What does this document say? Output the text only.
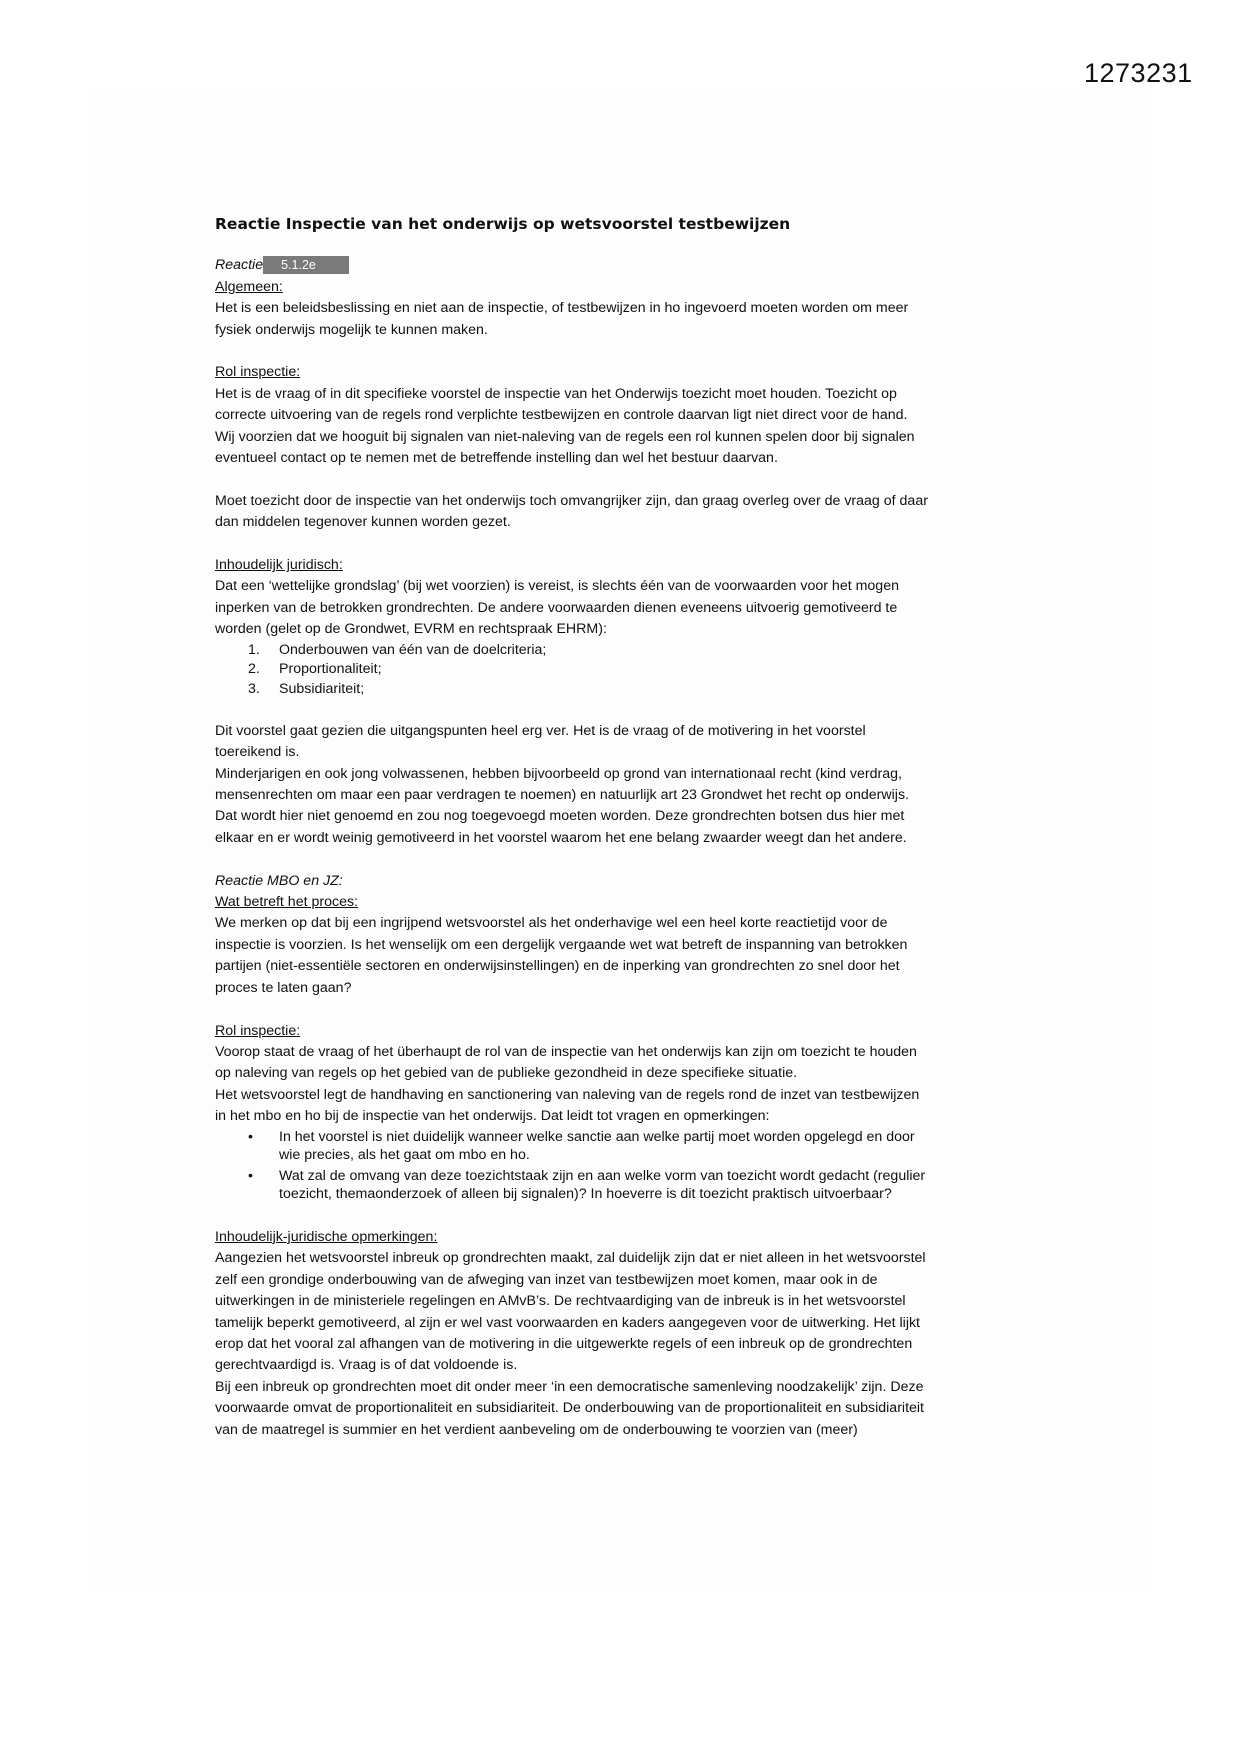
1273231
Reactie Inspectie van het onderwijs op wetsvoorstel testbewijzen
Reactie 5.1.2e
Algemeen:
Het is een beleidsbeslissing en niet aan de inspectie, of testbewijzen in ho ingevoerd moeten worden om meer
fysiek onderwijs mogelijk te kunnen maken.
Rol inspectie:
Het is de vraag of in dit specifieke voorstel de inspectie van het Onderwijs toezicht moet houden. Toezicht op
correcte uitvoering van de regels rond verplichte testbewijzen en controle daarvan ligt niet direct voor de hand.
Wij voorzien dat we hooguit bij signalen van niet-naleving van de regels een rol kunnen spelen door bij signalen
eventueel contact op te nemen met de betreffende instelling dan wel het bestuur daarvan.
Moet toezicht door de inspectie van het onderwijs toch omvangrijker zijn, dan graag overleg over de vraag of daar
dan middelen tegenover kunnen worden gezet.
Inhoudelijk juridisch:
Dat een ‘wettelijke grondslag’ (bij wet voorzien) is vereist, is slechts één van de voorwaarden voor het mogen
inperken van de betrokken grondrechten. De andere voorwaarden dienen eveneens uitvoerig gemotiveerd te
worden (gelet op de Grondwet, EVRM en rechtspraak EHRM):
1. Onderbouwen van één van de doelcriteria;
2. Proportionaliteit;
3. Subsidiariteit;
Dit voorstel gaat gezien die uitgangspunten heel erg ver. Het is de vraag of de motivering in het voorstel
toereikend is.
Minderjarigen en ook jong volwassenen, hebben bijvoorbeeld op grond van internationaal recht (kind verdrag,
mensenrechten om maar een paar verdragen te noemen) en natuurlijk art 23 Grondwet het recht op onderwijs.
Dat wordt hier niet genoemd en zou nog toegevoegd moeten worden. Deze grondrechten botsen dus hier met
elkaar en er wordt weinig gemotiveerd in het voorstel waarom het ene belang zwaarder weegt dan het andere.
Reactie MBO en JZ:
Wat betreft het proces:
We merken op dat bij een ingrijpend wetsvoorstel als het onderhavige wel een heel korte reactietijd voor de
inspectie is voorzien. Is het wenselijk om een dergelijk vergaande wet wat betreft de inspanning van betrokken
partijen (niet-essentiële sectoren en onderwijsinstellingen) en de inperking van grondrechten zo snel door het
proces te laten gaan?
Rol inspectie:
Voorop staat de vraag of het überhaupt de rol van de inspectie van het onderwijs kan zijn om toezicht te houden
op naleving van regels op het gebied van de publieke gezondheid in deze specifieke situatie.
Het wetsvoorstel legt de handhaving en sanctionering van naleving van de regels rond de inzet van testbewijzen
in het mbo en ho bij de inspectie van het onderwijs. Dat leidt tot vragen en opmerkingen:
• In het voorstel is niet duidelijk wanneer welke sanctie aan welke partij moet worden opgelegd en door
wie precies, als het gaat om mbo en ho.
• Wat zal de omvang van deze toezichtstaak zijn en aan welke vorm van toezicht wordt gedacht (regulier
toezicht, themaonderzoek of alleen bij signalen)? In hoeverre is dit toezicht praktisch uitvoerbaar?
Inhoudelijk-juridische opmerkingen:
Aangezien het wetsvoorstel inbreuk op grondrechten maakt, zal duidelijk zijn dat er niet alleen in het wetsvoorstel
zelf een grondige onderbouwing van de afweging van inzet van testbewijzen moet komen, maar ook in de
uitwerkingen in de ministeriele regelingen en AMvB’s. De rechtvaardiging van de inbreuk is in het wetsvoorstel
tamelijk beperkt gemotiveerd, al zijn er wel vast voorwaarden en kaders aangegeven voor de uitwerking. Het lijkt
erop dat het vooral zal afhangen van de motivering in die uitgewerkte regels of een inbreuk op de grondrechten
gerechtvaardigd is. Vraag is of dat voldoende is.
Bij een inbreuk op grondrechten moet dit onder meer ‘in een democratische samenleving noodzakelijk’ zijn. Deze
voorwaarde omvat de proportionaliteit en subsidiariteit. De onderbouwing van de proportionaliteit en subsidiariteit
van de maatregel is summier en het verdient aanbeveling om de onderbouwing te voorzien van (meer)
